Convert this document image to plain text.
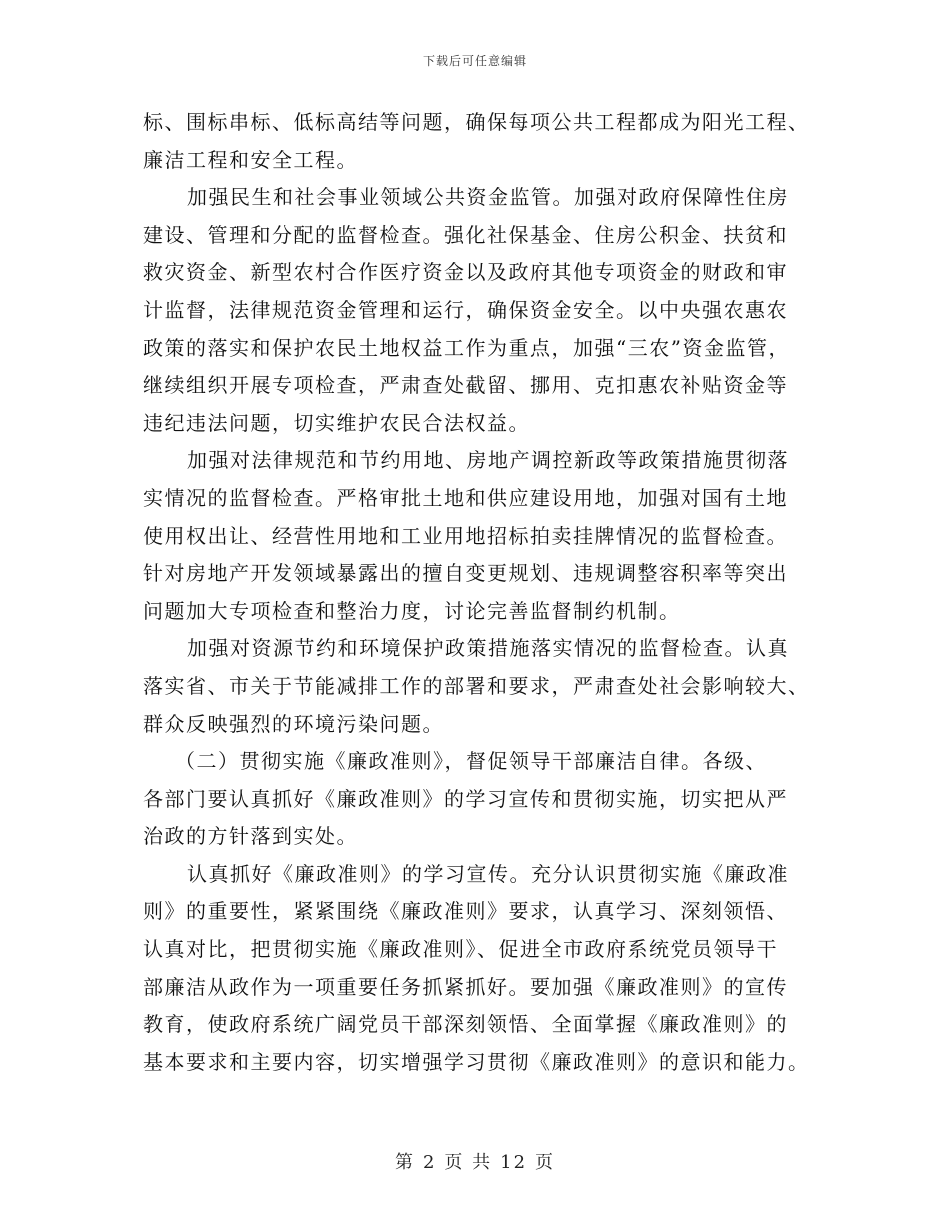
下载后可任意编辑
标、围标串标、低标高结等问题，确保每项公共工程都成为阳光工程、
廉洁工程和安全工程。
加强民生和社会事业领域公共资金监管。加强对政府保障性住房
建设、管理和分配的监督检查。强化社保基金、住房公积金、扶贫和
救灾资金、新型农村合作医疗资金以及政府其他专项资金的财政和审
计监督，法律规范资金管理和运行，确保资金安全。以中央强农惠农
政策的落实和保护农民土地权益工作为重点，加强“三农”资金监管，
继续组织开展专项检查，严肃查处截留、挪用、克扣惠农补贴资金等
违纪违法问题，切实维护农民合法权益。
加强对法律规范和节约用地、房地产调控新政等政策措施贯彻落
实情况的监督检查。严格审批土地和供应建设用地，加强对国有土地
使用权出让、经营性用地和工业用地招标拍卖挂牌情况的监督检查。
针对房地产开发领域暴露出的擅自变更规划、违规调整容积率等突出
问题加大专项检查和整治力度，讨论完善监督制约机制。
加强对资源节约和环境保护政策措施落实情况的监督检查。认真
落实省、市关于节能减排工作的部署和要求，严肃查处社会影响较大、
群众反映强烈的环境污染问题。
（二）贯彻实施《廉政准则》，督促领导干部廉洁自律。各级、
各部门要认真抓好《廉政准则》的学习宣传和贯彻实施，切实把从严
治政的方针落到实处。
认真抓好《廉政准则》的学习宣传。充分认识贯彻实施《廉政准
则》的重要性，紧紧围绕《廉政准则》要求，认真学习、深刻领悟、
认真对比，把贯彻实施《廉政准则》、促进全市政府系统党员领导干
部廉洁从政作为一项重要任务抓紧抓好。要加强《廉政准则》的宣传
教育，使政府系统广阔党员干部深刻领悟、全面掌握《廉政准则》的
基本要求和主要内容，切实增强学习贯彻《廉政准则》的意识和能力。
第 2 页 共 12 页
